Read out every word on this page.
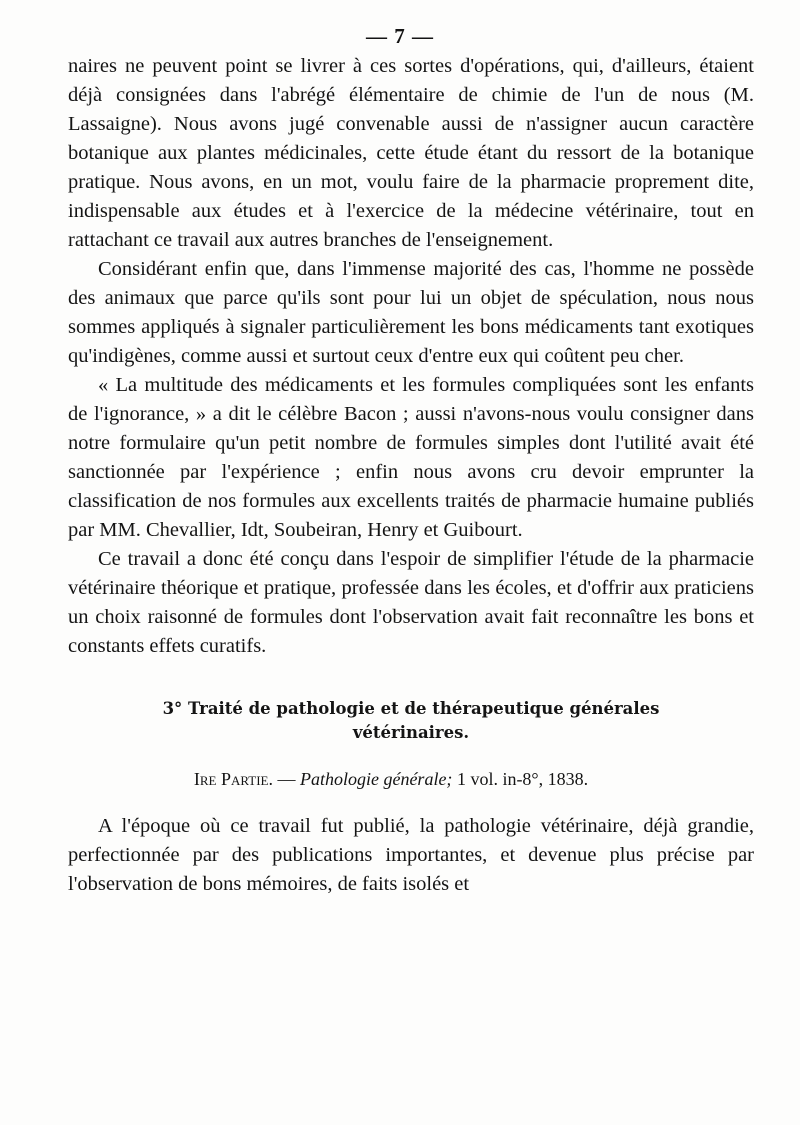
— 7 —

naires ne peuvent point se livrer à ces sortes d'opérations, qui, d'ailleurs, étaient déjà consignées dans l'abrégé élémentaire de chimie de l'un de nous (M. Lassaigne). Nous avons jugé convenable aussi de n'assigner aucun caractère botanique aux plantes médicinales, cette étude étant du ressort de la botanique pratique. Nous avons, en un mot, voulu faire de la pharmacie proprement dite, indispensable aux études et à l'exercice de la médecine vétérinaire, tout en rattachant ce travail aux autres branches de l'enseignement.

Considérant enfin que, dans l'immense majorité des cas, l'homme ne possède des animaux que parce qu'ils sont pour lui un objet de spéculation, nous nous sommes appliqués à signaler particulièrement les bons médicaments tant exotiques qu'indigènes, comme aussi et surtout ceux d'entre eux qui coûtent peu cher.

« La multitude des médicaments et les formules compliquées sont les enfants de l'ignorance, » a dit le célèbre Bacon ; aussi n'avons-nous voulu consigner dans notre formulaire qu'un petit nombre de formules simples dont l'utilité avait été sanctionnée par l'expérience ; enfin nous avons cru devoir emprunter la classification de nos formules aux excellents traités de pharmacie humaine publiés par MM. Chevallier, Idt, Soubeiran, Henry et Guibourt.

Ce travail a donc été conçu dans l'espoir de simplifier l'étude de la pharmacie vétérinaire théorique et pratique, professée dans les écoles, et d'offrir aux praticiens un choix raisonné de formules dont l'observation avait fait reconnaître les bons et constants effets curatifs.

3° Traité de pathologie et de thérapeutique générales vétérinaires.
Ire Partie. — Pathologie générale; 1 vol. in-8°, 1838.

A l'époque où ce travail fut publié, la pathologie vétérinaire, déjà grandie, perfectionnée par des publications importantes, et devenue plus précise par l'observation de bons mémoires, de faits isolés et
